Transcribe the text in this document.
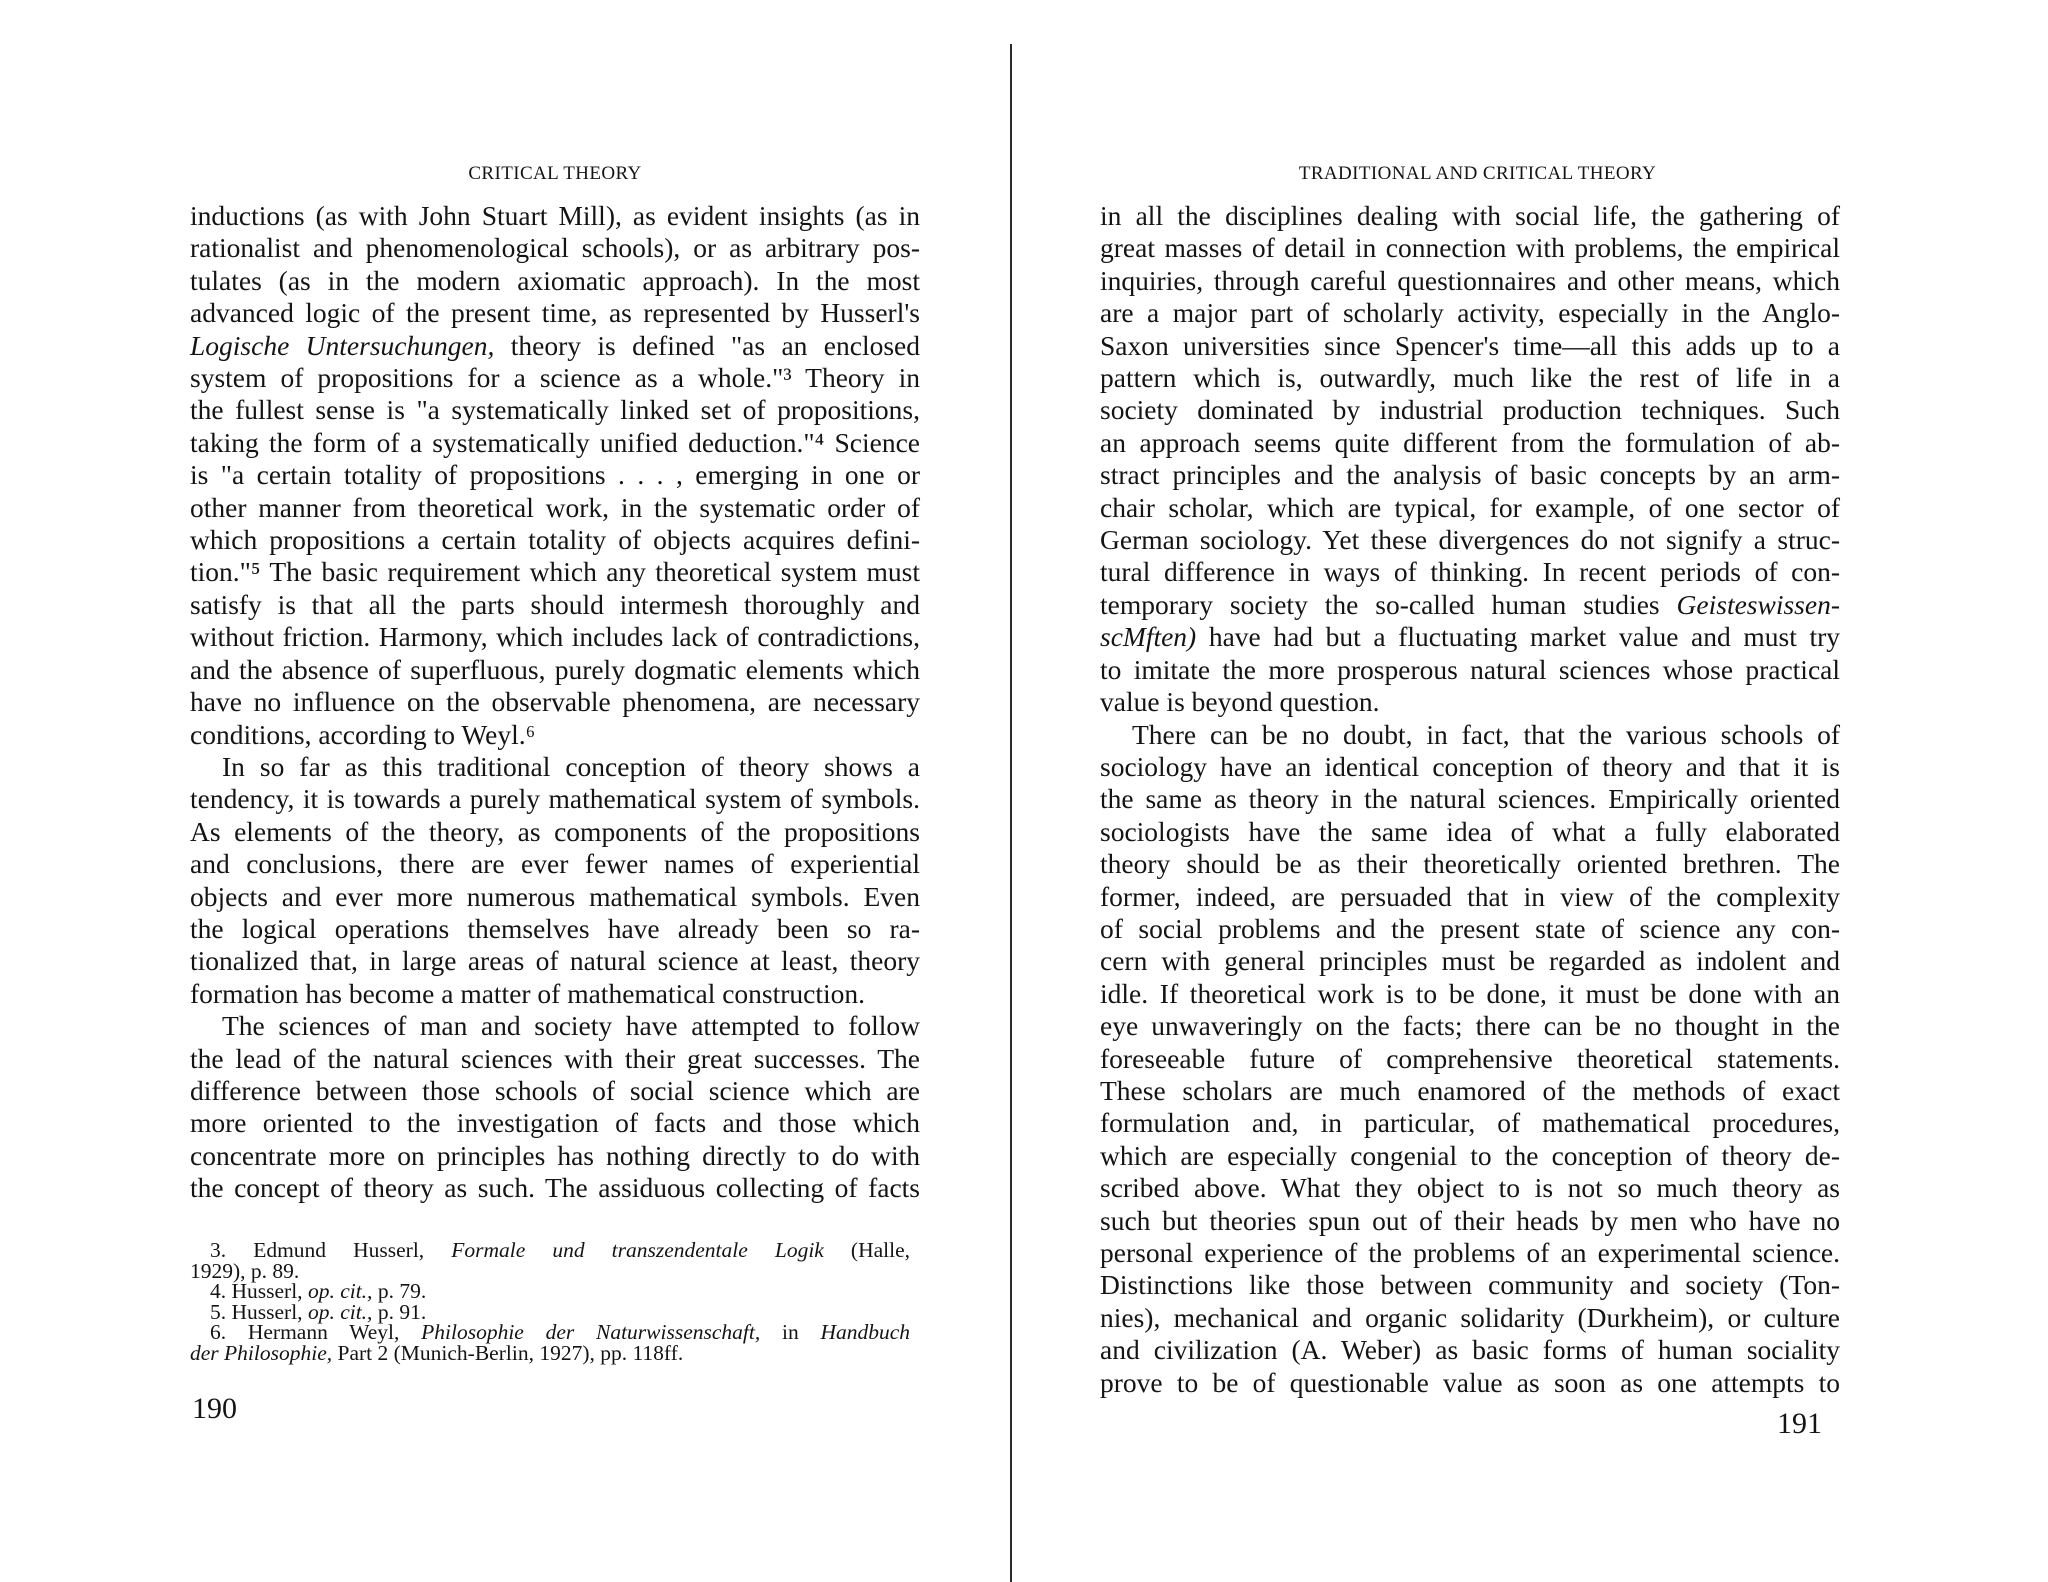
CRITICAL THEORY
inductions (as with John Stuart Mill), as evident insights (as in
rationalist and phenomenological schools), or as arbitrary pos-
tulates (as in the modern axiomatic approach). In the most
advanced logic of the present time, as represented by Husserl's
Logische Untersuchungen, theory is defined "as an enclosed
system of propositions for a science as a whole."³ Theory in
the fullest sense is "a systematically linked set of propositions,
taking the form of a systematically unified deduction."⁴ Science
is "a certain totality of propositions . . . , emerging in one or
other manner from theoretical work, in the systematic order of
which propositions a certain totality of objects acquires defini-
tion."⁵ The basic requirement which any theoretical system must
satisfy is that all the parts should intermesh thoroughly and
without friction. Harmony, which includes lack of contradictions,
and the absence of superfluous, purely dogmatic elements which
have no influence on the observable phenomena, are necessary
conditions, according to Weyl.⁶
In so far as this traditional conception of theory shows a
tendency, it is towards a purely mathematical system of symbols.
As elements of the theory, as components of the propositions
and conclusions, there are ever fewer names of experiential
objects and ever more numerous mathematical symbols. Even
the logical operations themselves have already been so ra-
tionalized that, in large areas of natural science at least, theory
formation has become a matter of mathematical construction.
The sciences of man and society have attempted to follow
the lead of the natural sciences with their great successes. The
difference between those schools of social science which are
more oriented to the investigation of facts and those which
concentrate more on principles has nothing directly to do with
the concept of theory as such. The assiduous collecting of facts
3. Edmund Husserl, Formale und transzendentale Logik (Halle,
1929), p. 89.
4. Husserl, op. cit., p. 79.
5. Husserl, op. cit., p. 91.
6. Hermann Weyl, Philosophie der Naturwissenschaft, in Handbuch
der Philosophie, Part 2 (Munich-Berlin, 1927), pp. 118ff.
190
TRADITIONAL AND CRITICAL THEORY
in all the disciplines dealing with social life, the gathering of
great masses of detail in connection with problems, the empirical
inquiries, through careful questionnaires and other means, which
are a major part of scholarly activity, especially in the Anglo-
Saxon universities since Spencer's time—all this adds up to a
pattern which is, outwardly, much like the rest of life in a
society dominated by industrial production techniques. Such
an approach seems quite different from the formulation of ab-
stract principles and the analysis of basic concepts by an arm-
chair scholar, which are typical, for example, of one sector of
German sociology. Yet these divergences do not signify a struc-
tural difference in ways of thinking. In recent periods of con-
temporary society the so-called human studies Geisteswissen-
scMften) have had but a fluctuating market value and must try
to imitate the more prosperous natural sciences whose practical
value is beyond question.
There can be no doubt, in fact, that the various schools of
sociology have an identical conception of theory and that it is
the same as theory in the natural sciences. Empirically oriented
sociologists have the same idea of what a fully elaborated
theory should be as their theoretically oriented brethren. The
former, indeed, are persuaded that in view of the complexity
of social problems and the present state of science any con-
cern with general principles must be regarded as indolent and
idle. If theoretical work is to be done, it must be done with an
eye unwaveringly on the facts; there can be no thought in the
foreseeable future of comprehensive theoretical statements.
These scholars are much enamored of the methods of exact
formulation and, in particular, of mathematical procedures,
which are especially congenial to the conception of theory de-
scribed above. What they object to is not so much theory as
such but theories spun out of their heads by men who have no
personal experience of the problems of an experimental science.
Distinctions like those between community and society (Ton-
nies), mechanical and organic solidarity (Durkheim), or culture
and civilization (A. Weber) as basic forms of human sociality
prove to be of questionable value as soon as one attempts to
191
